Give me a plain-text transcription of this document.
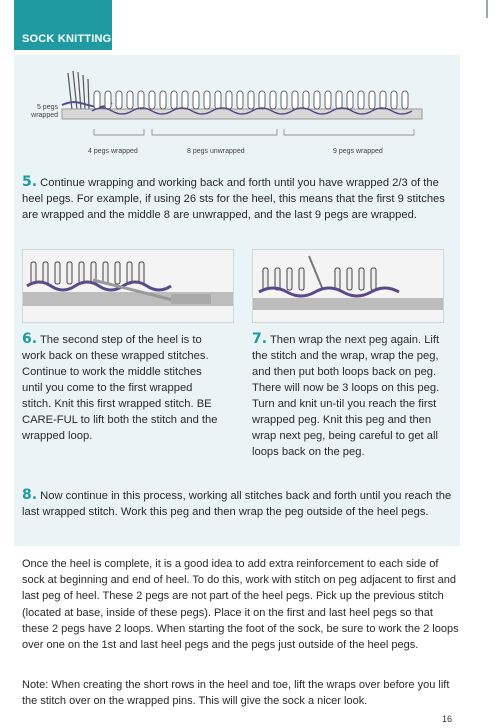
SOCK KNITTING

5 pegs
wrapped
4 pegs wrapped	8 pegs unwrapped	9 pegs wrapped

5. Continue wrapping and working back and forth until you have wrapped 2/3 of the heel pegs. For example, if using 26 sts for the heel, this means that the first 9 stitches are wrapped and the middle 8 are unwrapped, and the last 9 pegs are wrapped.

6. The second step of the heel is to work back on these wrapped stitches. Continue to work the middle stitches until you come to the first wrapped stitch. Knit this first wrapped stitch. BE CARE-FUL to lift both the stitch and the wrapped loop.

7. Then wrap the next peg again. Lift the stitch and the wrap, wrap the peg, and then put both loops back on peg. There will now be 3 loops on this peg. Turn and knit un-til you reach the first wrapped peg. Knit this peg and then wrap next peg, being careful to get all loops back on the peg.

8. Now continue in this process, working all stitches back and forth until you reach the last wrapped stitch. Work this peg and then wrap the peg outside of the heel pegs.

Once the heel is complete, it is a good idea to add extra reinforcement to each side of sock at beginning and end of heel. To do this, work with stitch on peg adjacent to first and last peg of heel. These 2 pegs are not part of the heel pegs. Pick up the previous stitch (located at base, inside of these pegs). Place it on the first and last heel pegs so that these 2 pegs have 2 loops. When starting the foot of the sock, be sure to work the 2 loops over one on the 1st and last heel pegs and the pegs just outside of the heel pegs.

Note: When creating the short rows in the heel and toe, lift the wraps over before you lift the stitch over on the wrapped pins. This will give the sock a nicer look.

16
